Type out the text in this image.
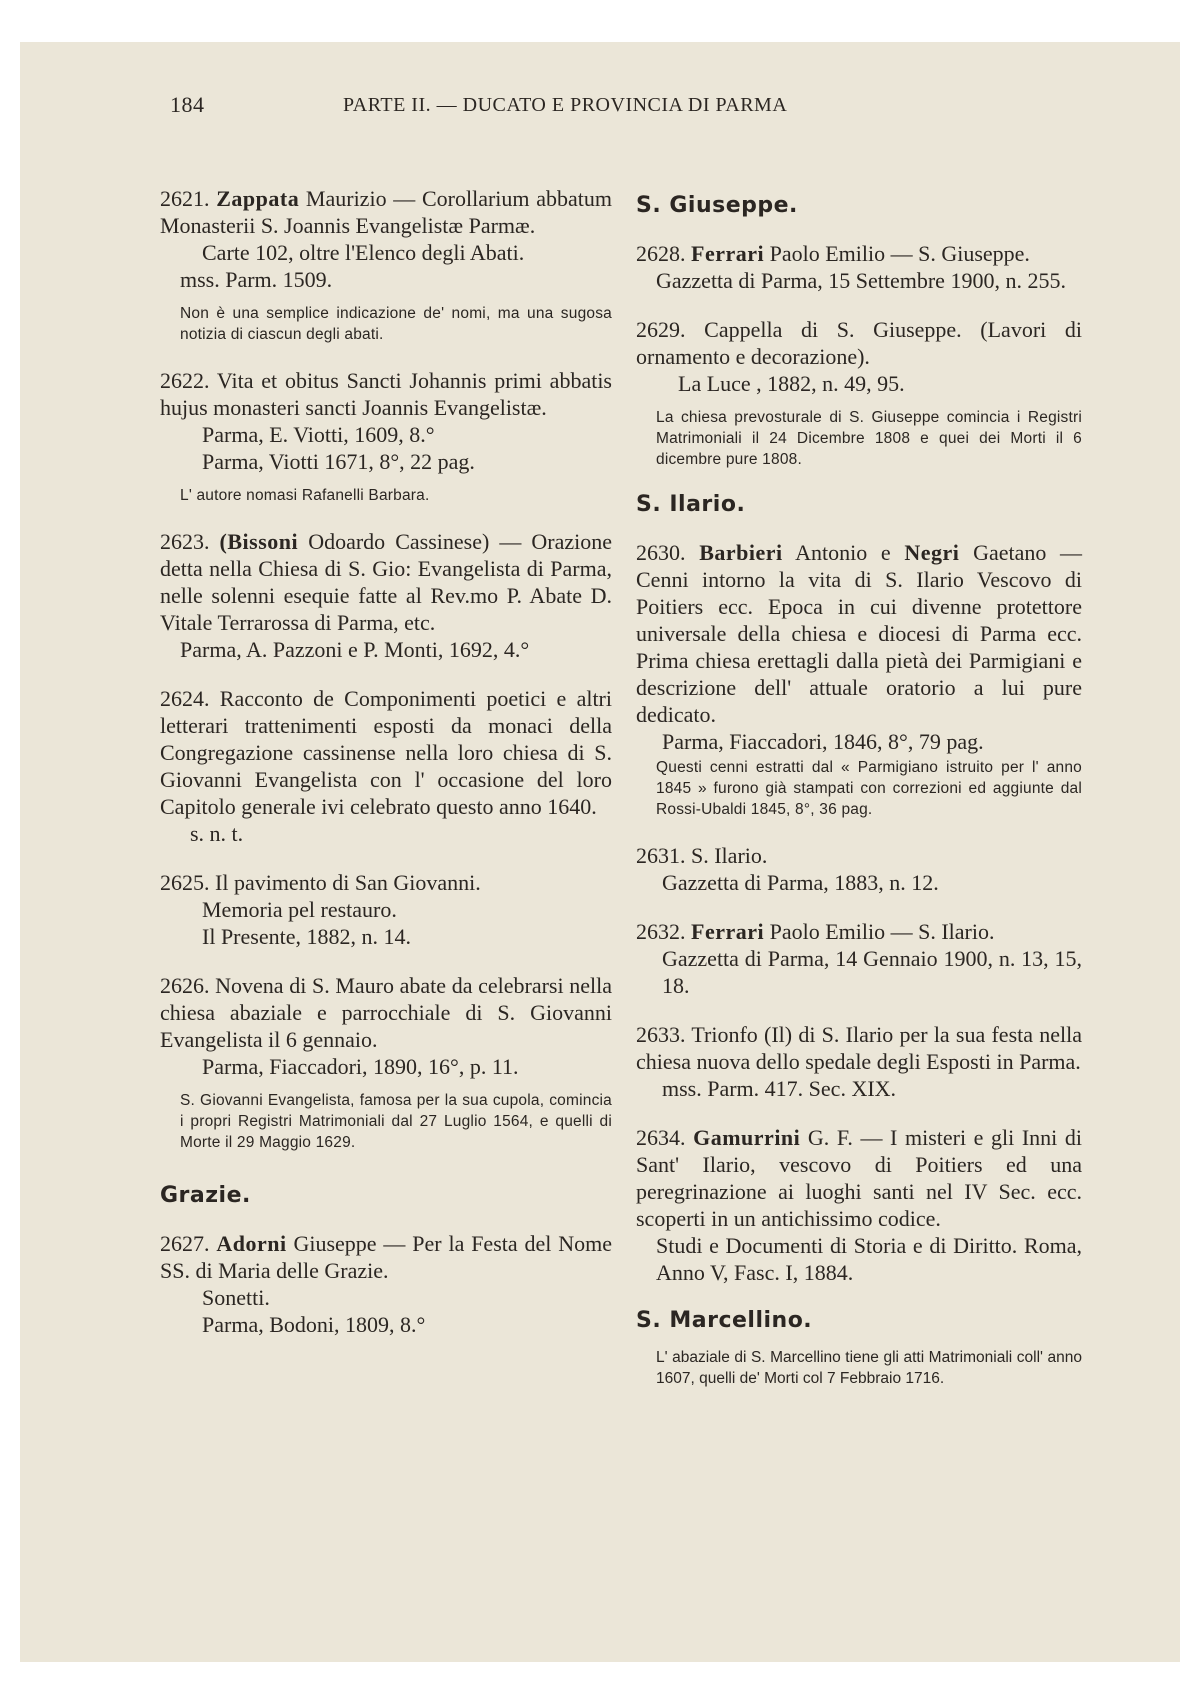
184	PARTE II. — DUCATO E PROVINCIA DI PARMA
2621. Zappata Maurizio — Corollarium abbatum Monasterii S. Joannis Evangelistæ Parmæ.
Carte 102, oltre l'Elenco degli Abati.
mss. Parm. 1509.
Non è una semplice indicazione de' nomi, ma una sugosa notizia di ciascun degli abati.
2622. Vita et obitus Sancti Johannis primi abbatis hujus monasteri sancti Joannis Evangelistæ.
Parma, E. Viotti, 1609, 8.°
Parma, Viotti 1671, 8°, 22 pag.
L' autore nomasi Rafanelli Barbara.
2623. (Bissoni Odoardo Cassinese) — Orazione detta nella Chiesa di S. Gio: Evangelista di Parma, nelle solenni esequie fatte al Rev.mo P. Abate D. Vitale Terrarossa di Parma, etc.
Parma, A. Pazzoni e P. Monti, 1692, 4.°
2624. Racconto de Componimenti poetici e altri letterari trattenimenti esposti da monaci della Congregazione cassinense nella loro chiesa di S. Giovanni Evangelista con l' occasione del loro Capitolo generale ivi celebrato questo anno 1640.
s. n. t.
2625. Il pavimento di San Giovanni.
Memoria pel restauro.
Il Presente, 1882, n. 14.
2626. Novena di S. Mauro abate da celebrarsi nella chiesa abaziale e parrocchiale di S. Giovanni Evangelista il 6 gennaio.
Parma, Fiaccadori, 1890, 16°, p. 11.
S. Giovanni Evangelista, famosa per la sua cupola, comincia i propri Registri Matrimoniali dal 27 Luglio 1564, e quelli di Morte il 29 Maggio 1629.
Grazie.
2627. Adorni Giuseppe — Per la Festa del Nome SS. di Maria delle Grazie.
Sonetti.
Parma, Bodoni, 1809, 8.°
S. Giuseppe.
2628. Ferrari Paolo Emilio — S. Giuseppe.
Gazzetta di Parma, 15 Settembre 1900, n. 255.
2629. Cappella di S. Giuseppe. (Lavori di ornamento e decorazione).
La Luce , 1882, n. 49, 95.
La chiesa prevosturale di S. Giuseppe comincia i Registri Matrimoniali il 24 Dicembre 1808 e quei dei Morti il 6 dicembre pure 1808.
S. Ilario.
2630. Barbieri Antonio e Negri Gaetano — Cenni intorno la vita di S. Ilario Vescovo di Poitiers ecc. Epoca in cui divenne protettore universale della chiesa e diocesi di Parma ecc. Prima chiesa erettagli dalla pietà dei Parmigiani e descrizione dell' attuale oratorio a lui pure dedicato.
Parma, Fiaccadori, 1846, 8°, 79 pag.
Questi cenni estratti dal « Parmigiano istruito per l' anno 1845 » furono già stampati con correzioni ed aggiunte dal Rossi-Ubaldi 1845, 8°, 36 pag.
2631. S. Ilario.
Gazzetta di Parma, 1883, n. 12.
2632. Ferrari Paolo Emilio — S. Ilario.
Gazzetta di Parma, 14 Gennaio 1900, n. 13, 15, 18.
2633. Trionfo (Il) di S. Ilario per la sua festa nella chiesa nuova dello spedale degli Esposti in Parma.
mss. Parm. 417. Sec. XIX.
2634. Gamurrini G. F. — I misteri e gli Inni di Sant' Ilario, vescovo di Poitiers ed una peregrinazione ai luoghi santi nel IV Sec. ecc. scoperti in un antichissimo codice.
Studi e Documenti di Storia e di Diritto. Roma, Anno V, Fasc. I, 1884.
S. Marcellino.
L' abaziale di S. Marcellino tiene gli atti Matrimoniali coll' anno 1607, quelli de' Morti col 7 Febbraio 1716.
